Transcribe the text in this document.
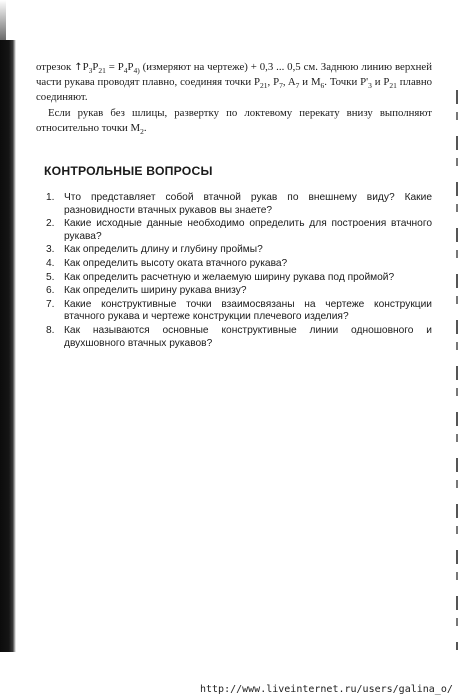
отрезок $↑P_3P_{21} = P_4P_{4)}$ (измеряют на чертеже) + 0,3 ... 0,5 см. Заднюю линию верхней части рукава проводят плавно, соединяя точки $P_{21}$, $P_7$, $A_7$ и $M_6$. Точки $P'_3$ и $P_{21}$ плавно соединяют.

Если рукав без шлицы, развертку по локтевому перекату внизу выполняют относительно точки $M_2$.

КОНТРОЛЬНЫЕ ВОПРОСЫ
1. Что представляет собой втачной рукав по внешнему виду? Какие разновидности втачных рукавов вы знаете?
2. Какие исходные данные необходимо определить для построения втачного рукава?
3. Как определить длину и глубину проймы?
4. Как определить высоту оката втачного рукава?
5. Как определить расчетную и желаемую ширину рукава под проймой?
6. Как определить ширину рукава внизу?
7. Какие конструктивные точки взаимосвязаны на чертеже конструкции втачного рукава и чертеже конструкции плечевого изделия?
8. Как называются основные конструктивные линии одношовного и двухшовного втачных рукавов?
http://www.liveinternet.ru/users/galina_o/
